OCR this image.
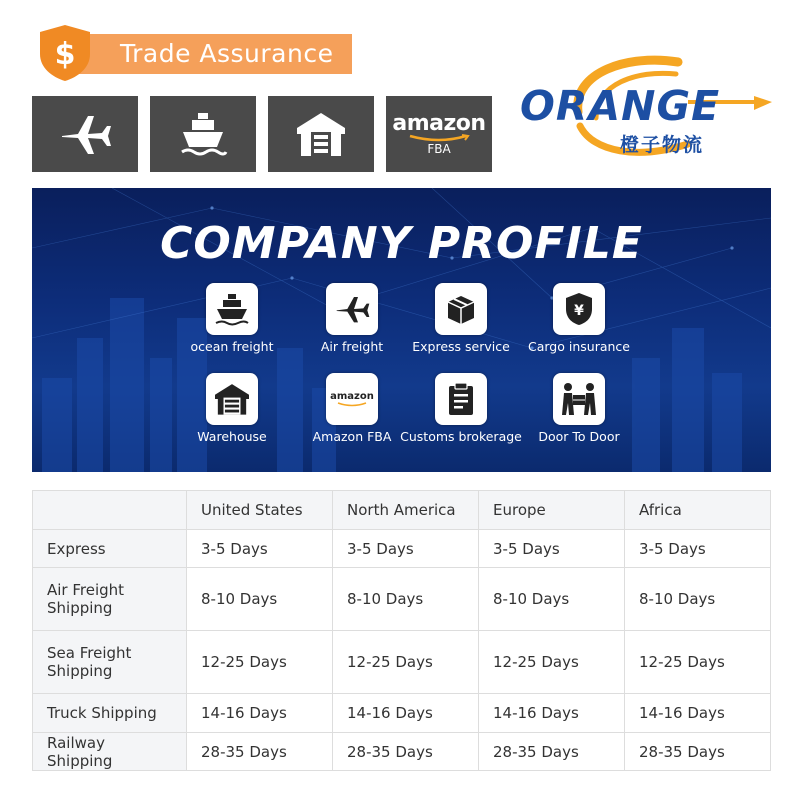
$ Trade Assurance
amazon
FBA
ORANGE
橙子物流
COMPANY PROFILE
ocean freight	Air freight	Express service
¥
Cargo insurance
Warehouse
amazon
Amazon FBA Customs brokerage	Door To Door
	United States	North America	Europe	Africa
Express	3-5 Days	3-5 Days	3-5 Days	3-5 Days
Air Freight Shipping	8-10 Days	8-10 Days	8-10 Days	8-10 Days
Sea Freight Shipping	12-25 Days	12-25 Days	12-25 Days	12-25 Days
Truck Shipping	14-16 Days	14-16 Days	14-16 Days	14-16 Days
Railway Shipping	28-35 Days	28-35 Days	28-35 Days	28-35 Days
